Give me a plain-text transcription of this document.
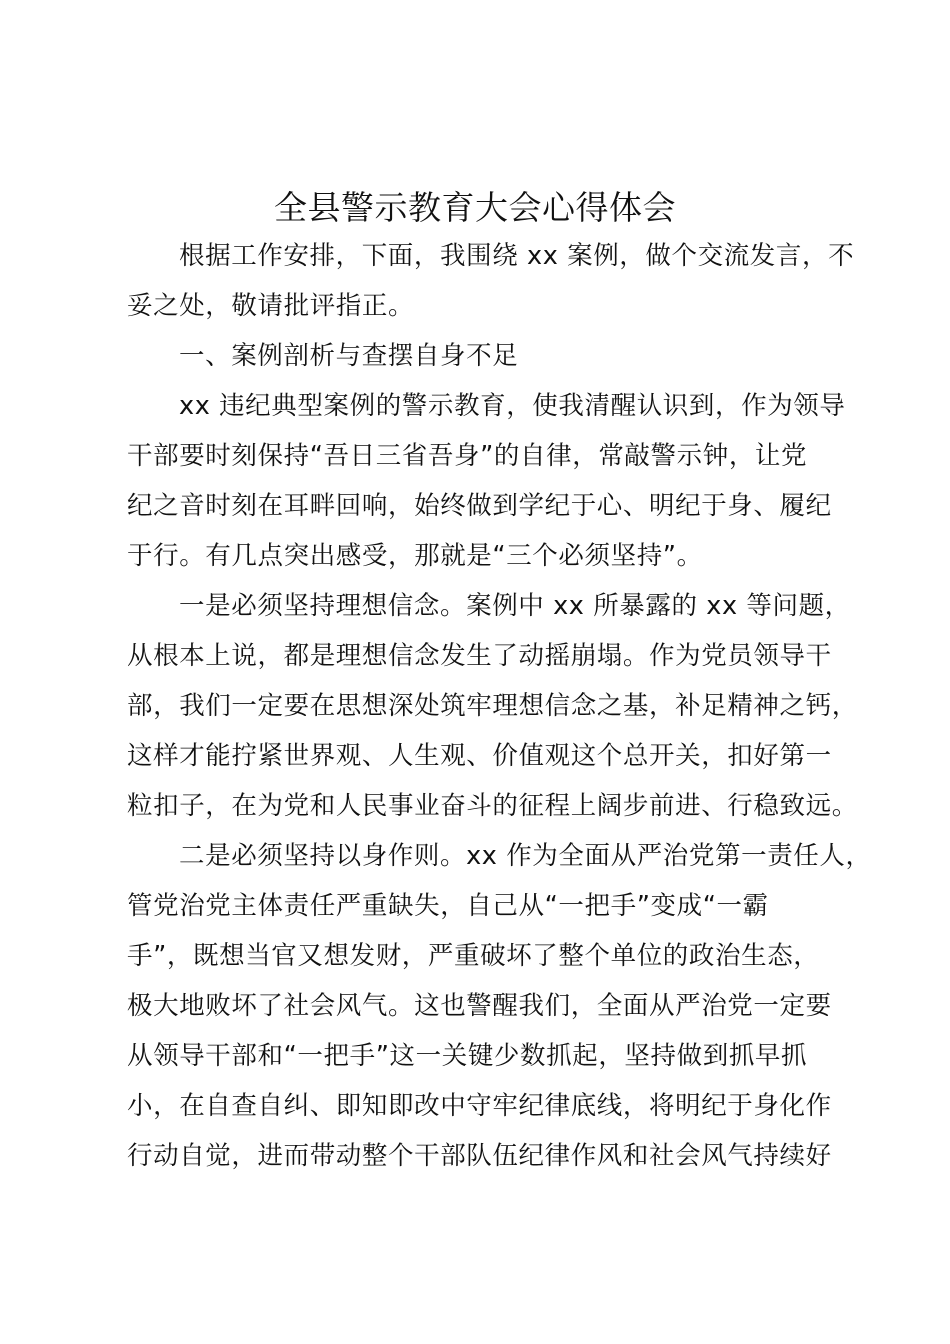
全县警示教育大会心得体会
根据工作安排，下面，我围绕 xx 案例，做个交流发言，不
妥之处，敬请批评指正。
一、案例剖析与查摆自身不足
xx 违纪典型案例的警示教育，使我清醒认识到，作为领导
干部要时刻保持“吾日三省吾身”的自律，常敲警示钟，让党
纪之音时刻在耳畔回响，始终做到学纪于心、明纪于身、履纪
于行。有几点突出感受，那就是“三个必须坚持”。
一是必须坚持理想信念。案例中 xx 所暴露的 xx 等问题，
从根本上说，都是理想信念发生了动摇崩塌。作为党员领导干
部，我们一定要在思想深处筑牢理想信念之基，补足精神之钙，
这样才能拧紧世界观、人生观、价值观这个总开关，扣好第一
粒扣子，在为党和人民事业奋斗的征程上阔步前进、行稳致远。
二是必须坚持以身作则。xx 作为全面从严治党第一责任人，
管党治党主体责任严重缺失，自己从“一把手”变成“一霸
手”，既想当官又想发财，严重破坏了整个单位的政治生态，
极大地败坏了社会风气。这也警醒我们，全面从严治党一定要
从领导干部和“一把手”这一关键少数抓起，坚持做到抓早抓
小，在自查自纠、即知即改中守牢纪律底线，将明纪于身化作
行动自觉，进而带动整个干部队伍纪律作风和社会风气持续好
